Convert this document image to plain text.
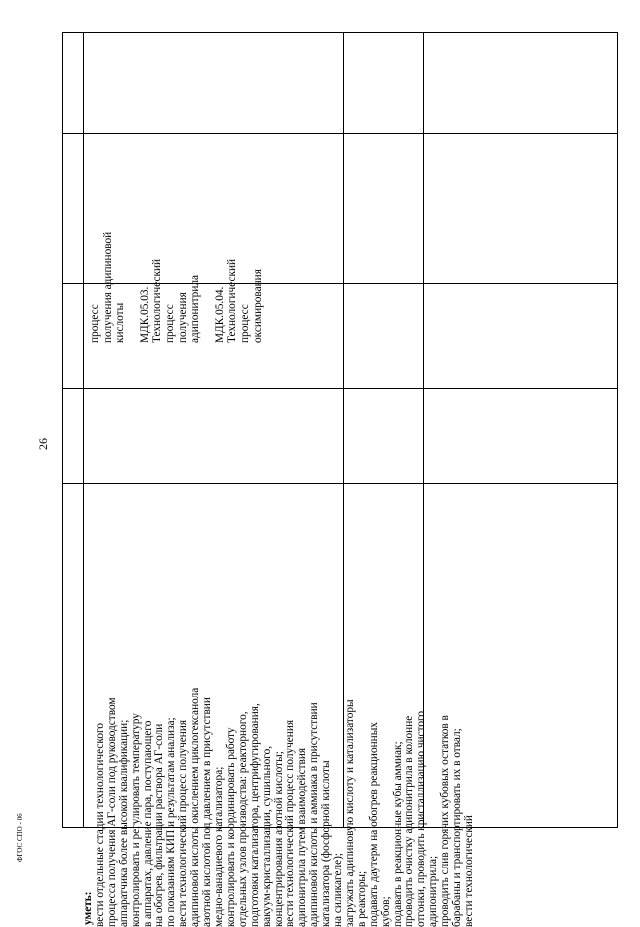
26
ФГОС СПО - 06
уметь: вести отдельные стадии технологического процесса получения АГ-соли под руководством аппаратчика более высокой квалификации; контролировать и регулировать температуру в аппаратах, давление пара, поступающего на обогрев, фильтрации раствора АГ-соли по показаниям КИП и результатам анализа; вести технологический процесс получения адипиновой кислоты окислением циклогексанола азотной кислотой под давлением в присутствии медно-ванадиевого катализатора; контролировать и координировать работу отдельных узлов производства: реакторного, подготовки катализатора, центрифугирования, вакуум-кристаллизации, сушильного, концентрирования азотной кислоты; вести технологический процесс получения адипонитрила путем взаимодействия адипиновой кислоты и аммиака в присутствии катализатора (фосфорной кислоты на силикагеле); загружать адипиновую кислоту и катализаторы в реакторы; подавать даутерм на обогрев реакционных кубов; подавать в реакционные кубы аммиак; проводить очистку адипонитрила в колонне отгонки, проводить кристаллизацию чистого адипонитрила; проводить слив горячих кубовых остатков в барабаны и транспортировать их в отвал; вести технологический
процесс получения адипиновой кислоты МДК.05.03. Технологический процесс получения адипонитрила МДК.05.04. Технологический процесс оксимирования
